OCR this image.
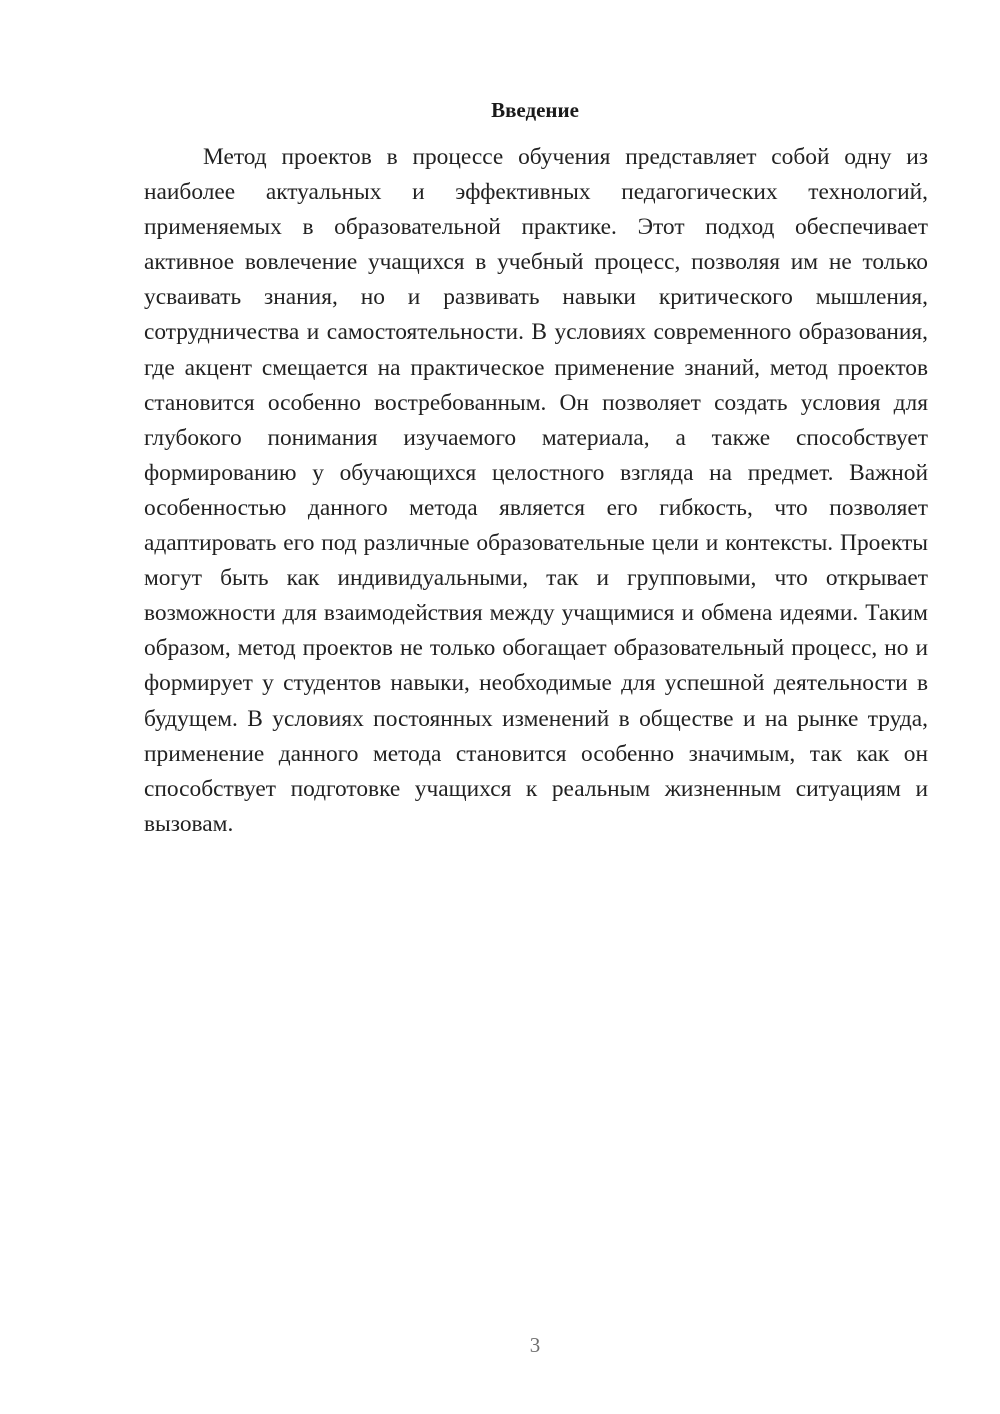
Введение

Метод проектов в процессе обучения представляет собой одну из наиболее актуальных и эффективных педагогических технологий, применяемых в образовательной практике. Этот подход обеспечивает активное вовлечение учащихся в учебный процесс, позволяя им не только усваивать знания, но и развивать навыки критического мышления, сотрудничества и самостоятельности. В условиях современного образования, где акцент смещается на практическое применение знаний, метод проектов становится особенно востребованным. Он позволяет создать условия для глубокого понимания изучаемого материала, а также способствует формированию у обучающихся целостного взгляда на предмет. Важной особенностью данного метода является его гибкость, что позволяет адаптировать его под различные образовательные цели и контексты. Проекты могут быть как индивидуальными, так и групповыми, что открывает возможности для взаимодействия между учащимися и обмена идеями. Таким образом, метод проектов не только обогащает образовательный процесс, но и формирует у студентов навыки, необходимые для успешной деятельности в будущем. В условиях постоянных изменений в обществе и на рынке труда, применение данного метода становится особенно значимым, так как он способствует подготовке учащихся к реальным жизненным ситуациям и вызовам.

3
